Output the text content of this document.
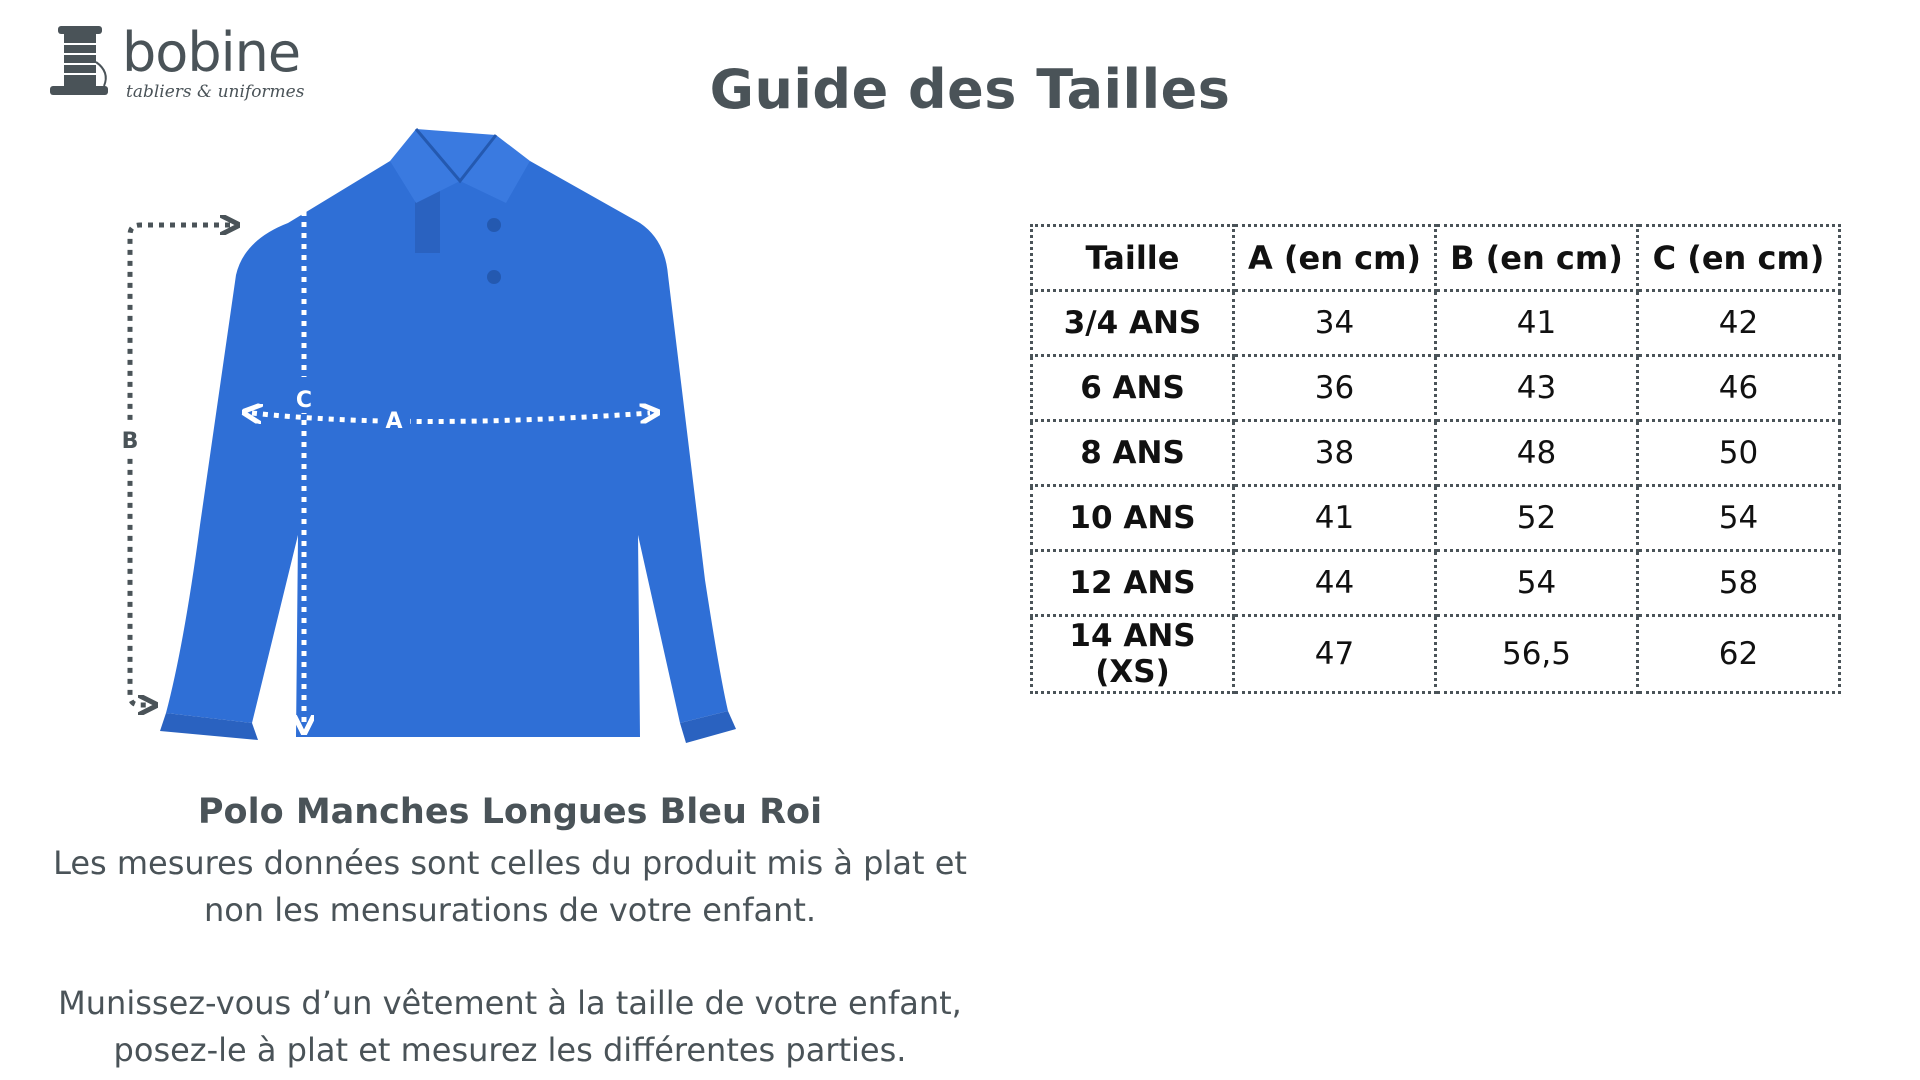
bobine
tabliers & uniformes	Guide des Tailles
C
A
B
Polo Manches Longues Bleu Roi
Les mesures données sont celles du produit mis à plat et
non les mensurations de votre enfant.
Munissez-vous d’un vêtement à la taille de votre enfant,
posez-le à plat et mesurez les différentes parties.
Taille	A (en cm)	B (en cm)	C (en cm)
3/4 ANS	34	41	42
6 ANS	36	43	46
8 ANS	38	48	50
10 ANS	41	52	54
12 ANS	44	54	58
14 ANS (XS)	47	56,5	62
